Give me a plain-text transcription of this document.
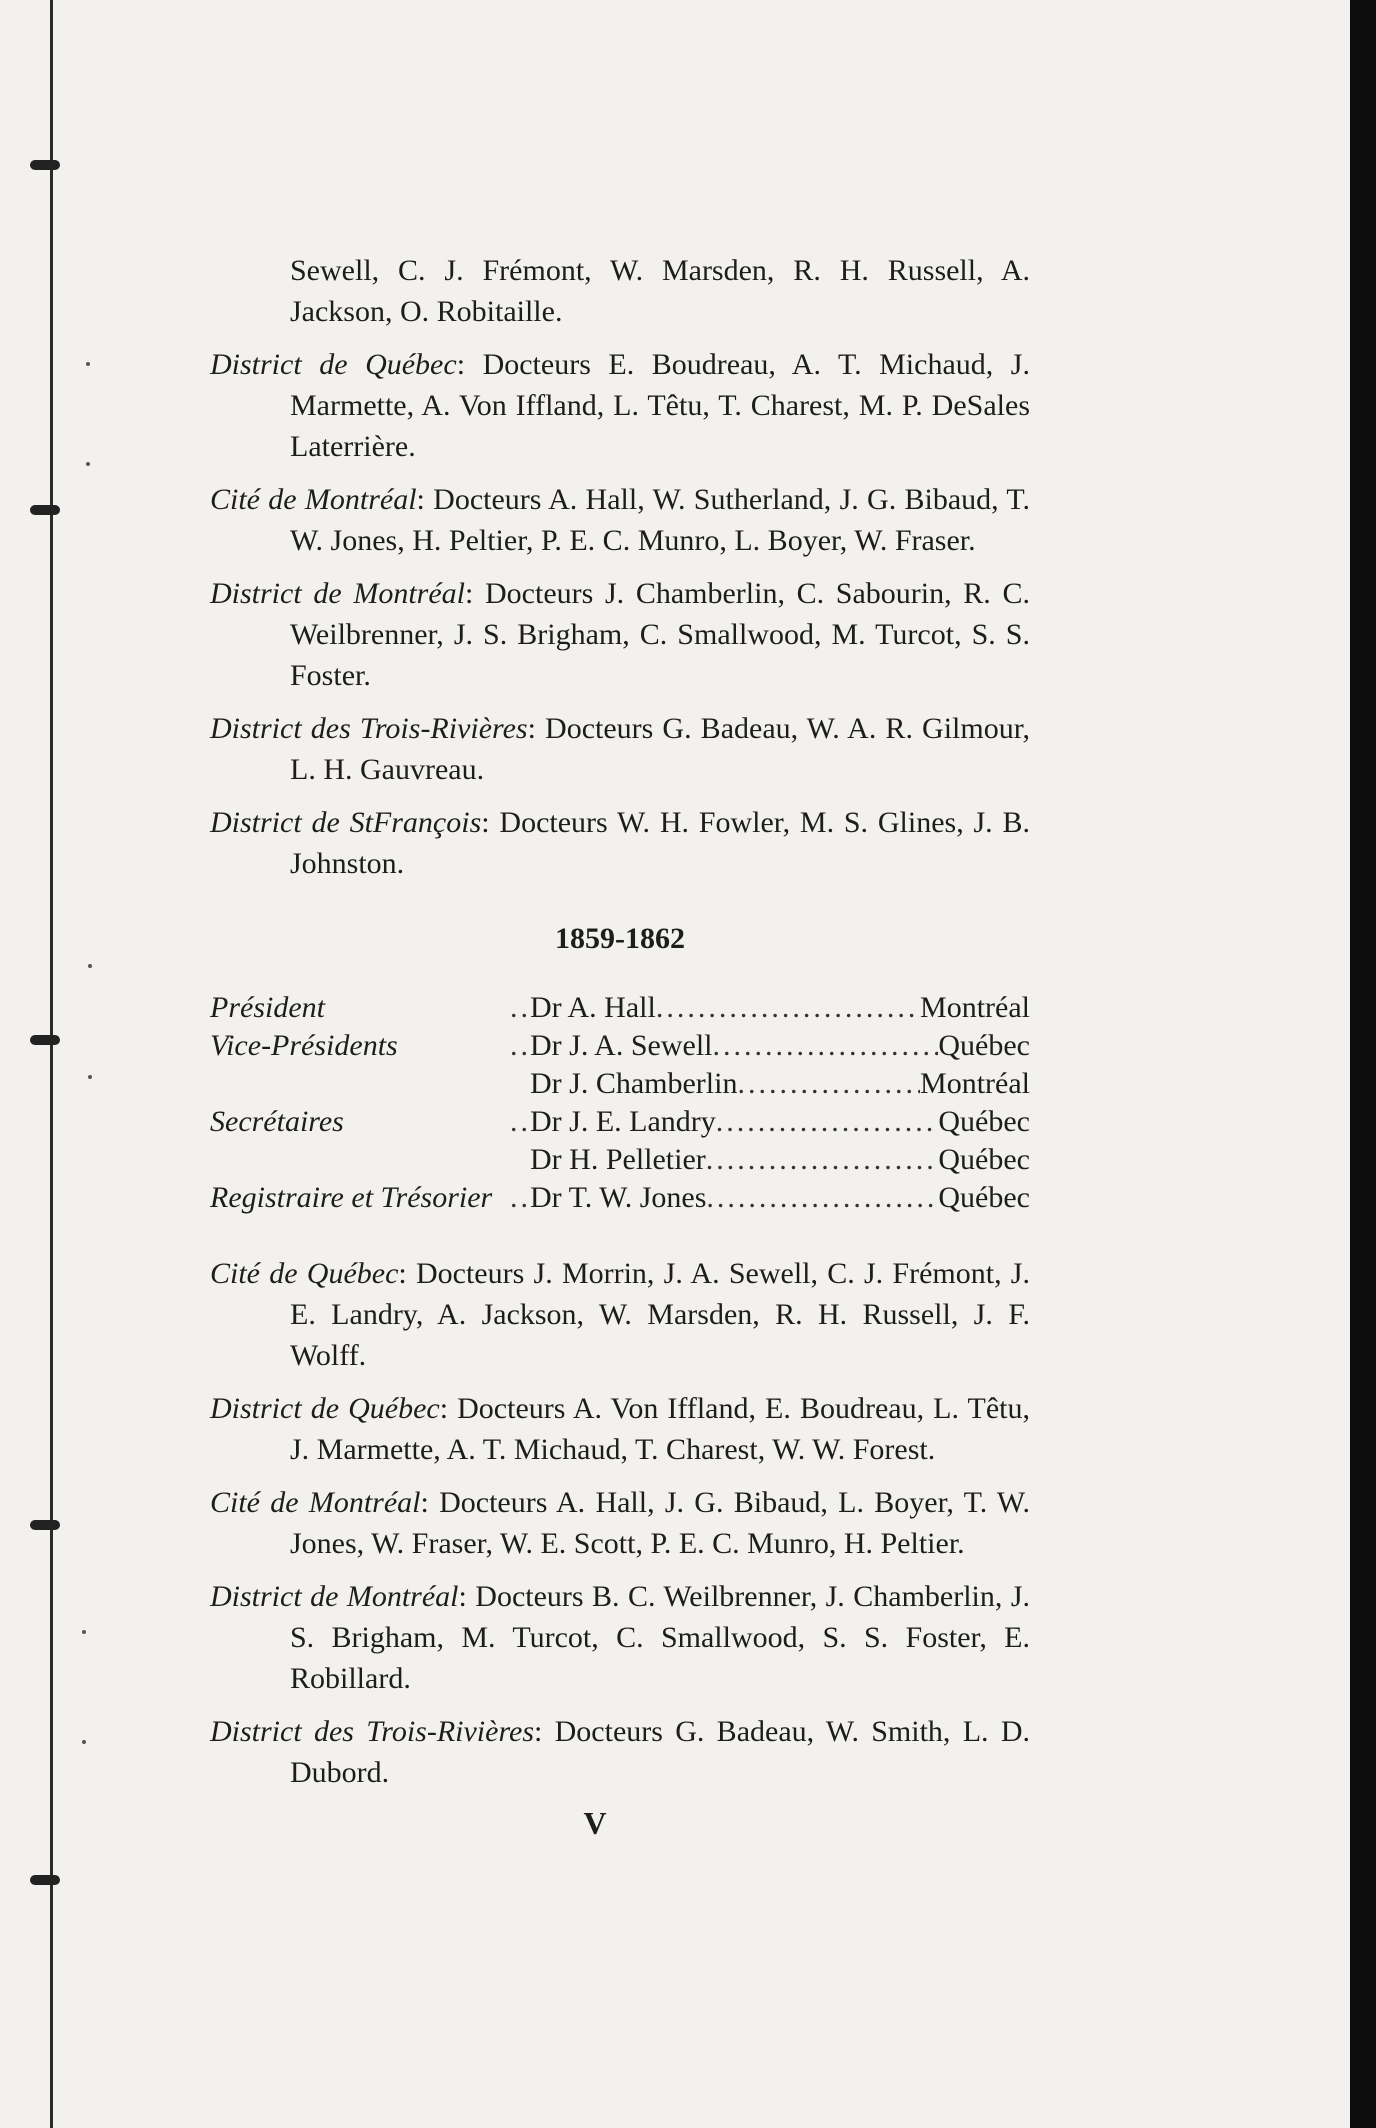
Sewell, C. J. Frémont, W. Marsden, R. H. Russell, A. Jackson, O. Robitaille.
District de Québec: Docteurs E. Boudreau, A. T. Michaud, J. Marmette, A. Von Iffland, L. Têtu, T. Charest, M. P. DeSales Laterrière.
Cité de Montréal: Docteurs A. Hall, W. Sutherland, J. G. Bibaud, T. W. Jones, H. Peltier, P. E. C. Munro, L. Boyer, W. Fraser.
District de Montréal: Docteurs J. Chamberlin, C. Sabourin, R. C. Weilbrenner, J. S. Brigham, C. Smallwood, M. Turcot, S. S. Foster.
District des Trois-Rivières: Docteurs G. Badeau, W. A. R. Gilmour, L. H. Gauvreau.
District de StFrançois: Docteurs W. H. Fowler, M. S. Glines, J. B. Johnston.
1859-1862
Président .....	Dr A. Hall .....	Montréal
Vice-Présidents .....	Dr J. A. Sewell .....	Québec
Dr J. Chamberlin .....	Montréal
Secrétaires .....	Dr J. E. Landry .....	Québec
Dr H. Pelletier .....	Québec
Registraire et Trésorier .....	Dr T. W. Jones .....	Québec
Cité de Québec: Docteurs J. Morrin, J. A. Sewell, C. J. Frémont, J. E. Landry, A. Jackson, W. Marsden, R. H. Russell, J. F. Wolff.
District de Québec: Docteurs A. Von Iffland, E. Boudreau, L. Têtu, J. Marmette, A. T. Michaud, T. Charest, W. W. Forest.
Cité de Montréal: Docteurs A. Hall, J. G. Bibaud, L. Boyer, T. W. Jones, W. Fraser, W. E. Scott, P. E. C. Munro, H. Peltier.
District de Montréal: Docteurs B. C. Weilbrenner, J. Chamberlin, J. S. Brigham, M. Turcot, C. Smallwood, S. S. Foster, E. Robillard.
District des Trois-Rivières: Docteurs G. Badeau, W. Smith, L. D. Dubord.
V
